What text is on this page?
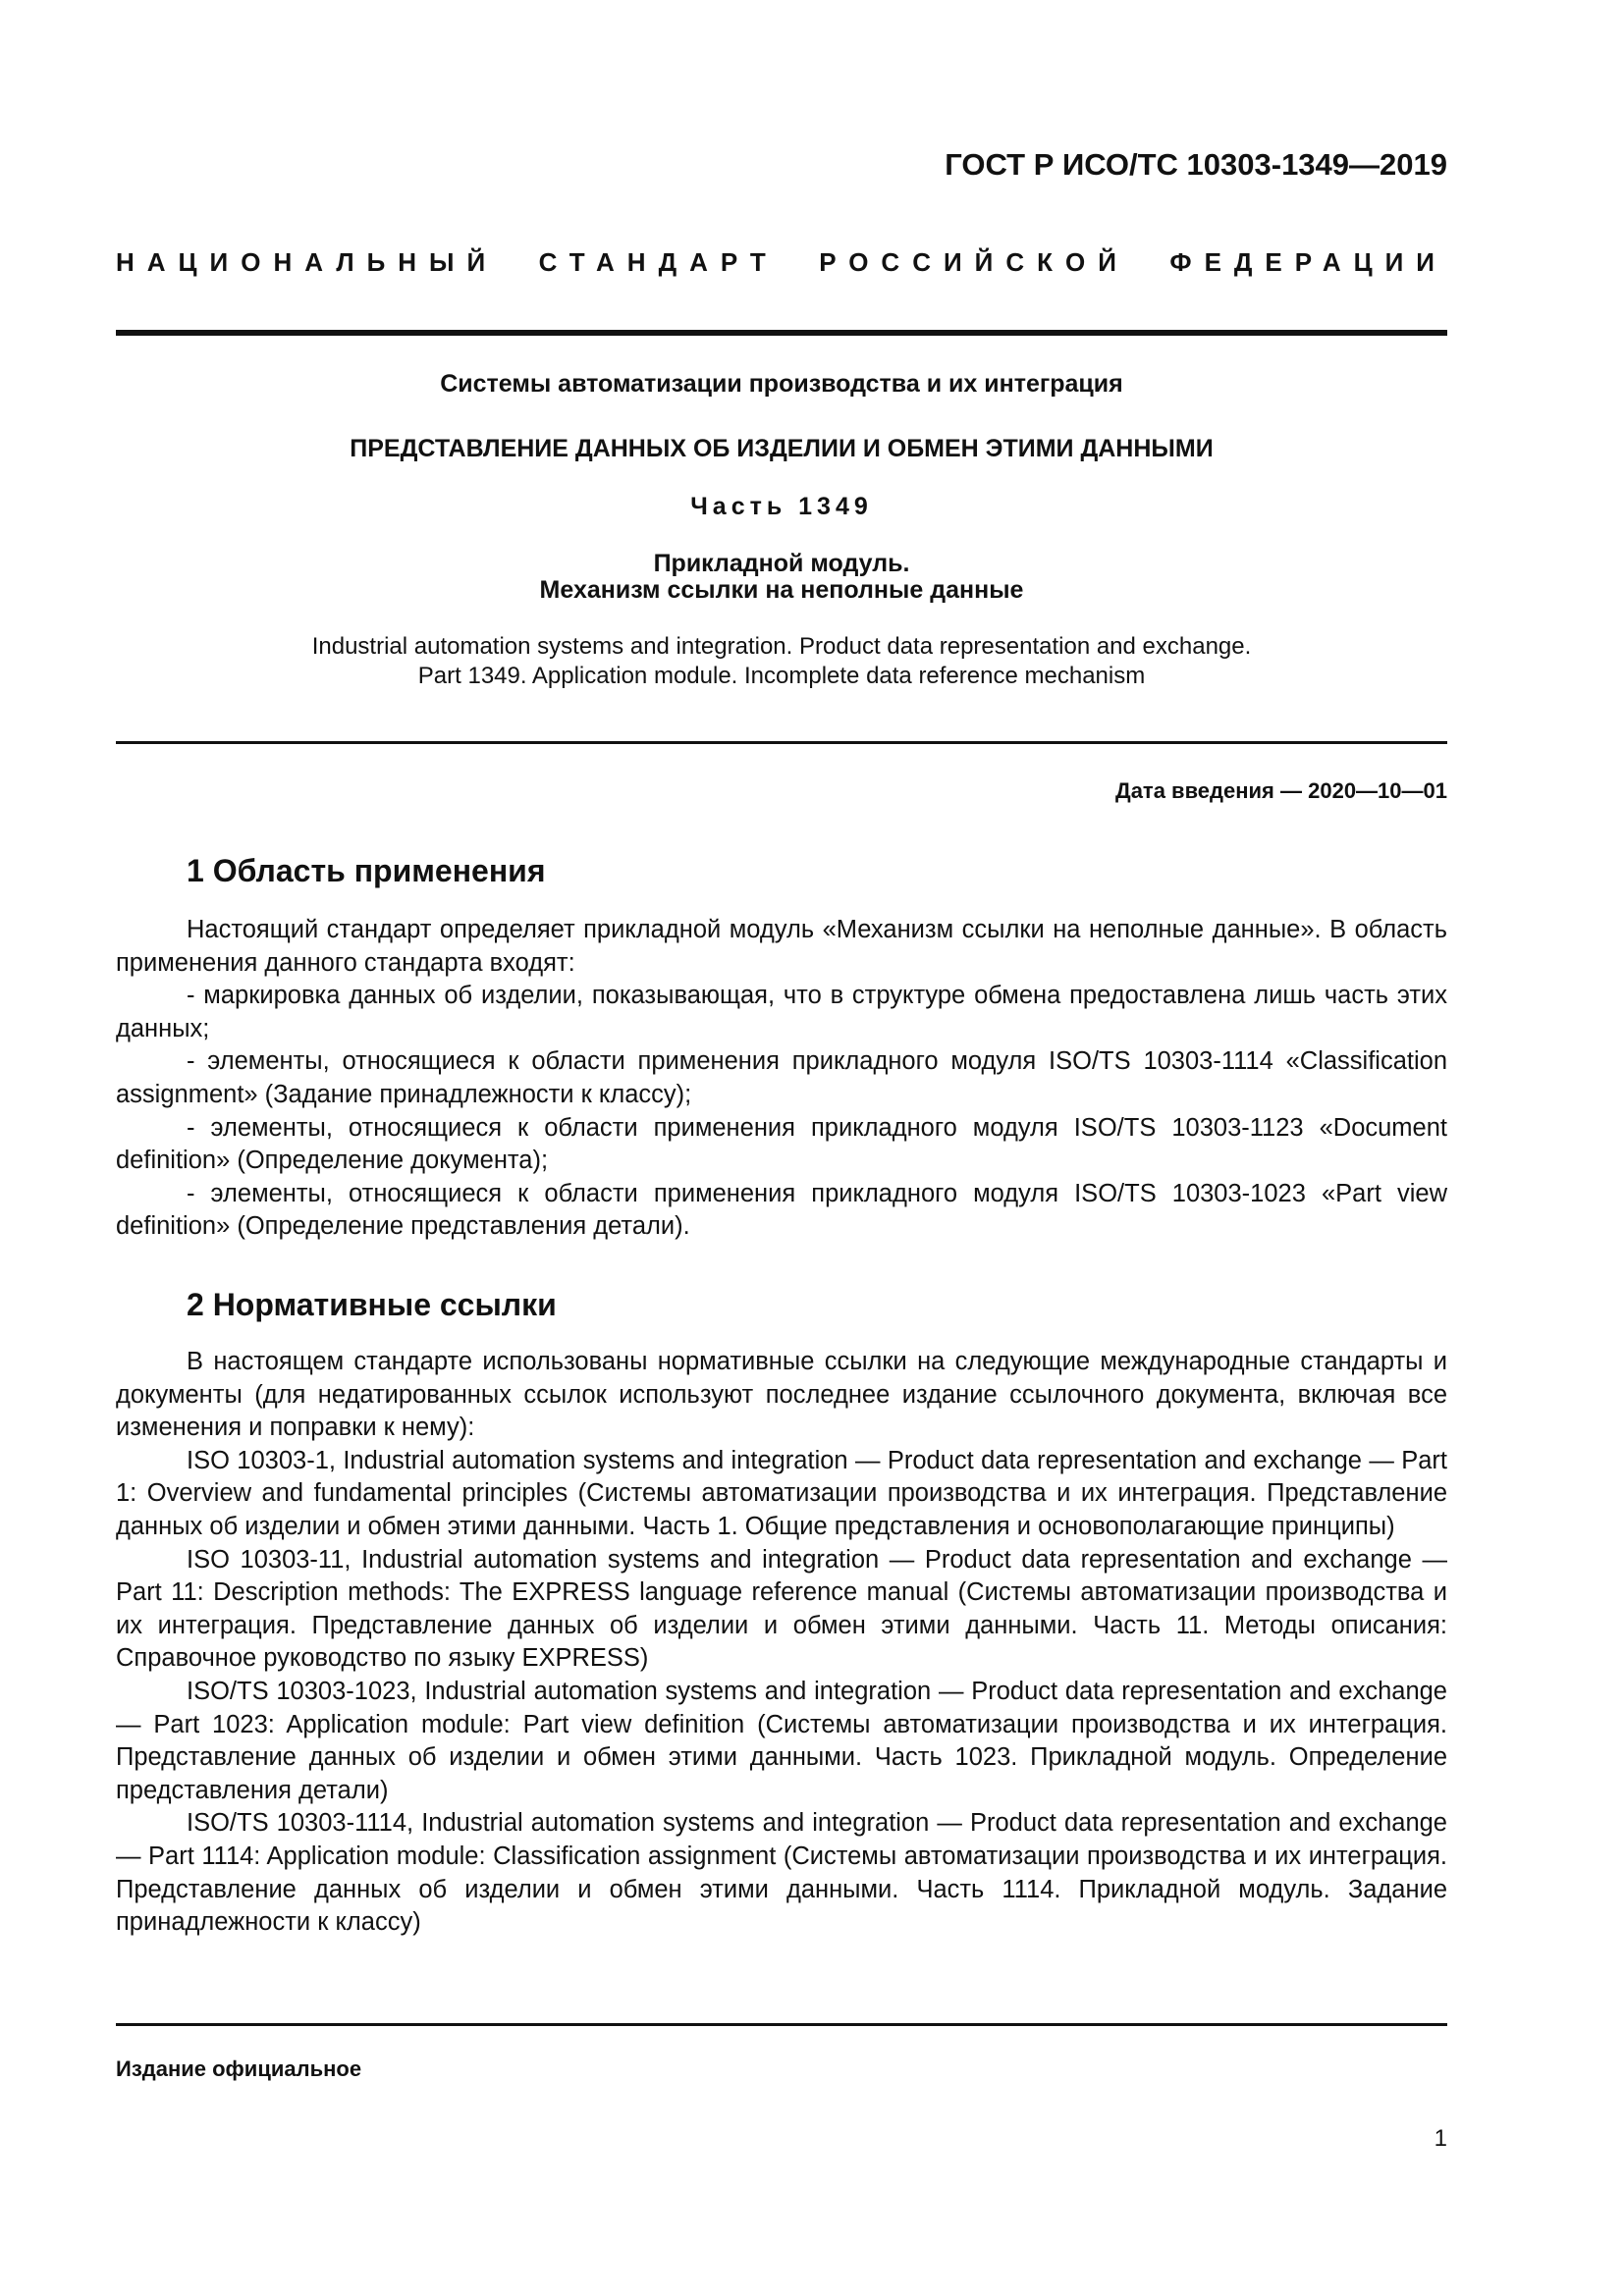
ГОСТ Р ИСО/ТС 10303-1349—2019
НАЦИОНАЛЬНЫЙ СТАНДАРТ РОССИЙСКОЙ ФЕДЕРАЦИИ
Системы автоматизации производства и их интеграция
ПРЕДСТАВЛЕНИЕ ДАННЫХ ОБ ИЗДЕЛИИ И ОБМЕН ЭТИМИ ДАННЫМИ
Часть 1349
Прикладной модуль.
Механизм ссылки на неполные данные
Industrial automation systems and integration. Product data representation and exchange.
Part 1349. Application module. Incomplete data reference mechanism
Дата введения — 2020—10—01
1 Область применения

Настоящий стандарт определяет прикладной модуль «Механизм ссылки на неполные данные». В область применения данного стандарта входят:

- маркировка данных об изделии, показывающая, что в структуре обмена предоставлена лишь часть этих данных;

- элементы, относящиеся к области применения прикладного модуля ISO/TS 10303-1114 «Classification assignment» (Задание принадлежности к классу);

- элементы, относящиеся к области применения прикладного модуля ISO/TS 10303-1123 «Document definition» (Определение документа);

- элементы, относящиеся к области применения прикладного модуля ISO/TS 10303-1023 «Part view definition» (Определение представления детали).

2 Нормативные ссылки

В настоящем стандарте использованы нормативные ссылки на следующие международные стандарты и документы (для недатированных ссылок используют последнее издание ссылочного документа, включая все изменения и поправки к нему):

ISO 10303-1, Industrial automation systems and integration — Product data representation and exchange — Part 1: Overview and fundamental principles (Системы автоматизации производства и их интеграция. Представление данных об изделии и обмен этими данными. Часть 1. Общие представления и основополагающие принципы)

ISO 10303-11, Industrial automation systems and integration — Product data representation and exchange — Part 11: Description methods: The EXPRESS language reference manual (Системы автоматизации производства и их интеграция. Представление данных об изделии и обмен этими данными. Часть 11. Методы описания: Справочное руководство по языку EXPRESS)

ISO/TS 10303-1023, Industrial automation systems and integration — Product data representation and exchange — Part 1023: Application module: Part view definition (Системы автоматизации производства и их интеграция. Представление данных об изделии и обмен этими данными. Часть 1023. Прикладной модуль. Определение представления детали)

ISO/TS 10303-1114, Industrial automation systems and integration — Product data representation and exchange — Part 1114: Application module: Classification assignment (Системы автоматизации производства и их интеграция. Представление данных об изделии и обмен этими данными. Часть 1114. Прикладной модуль. Задание принадлежности к классу)

Издание официальное
1
